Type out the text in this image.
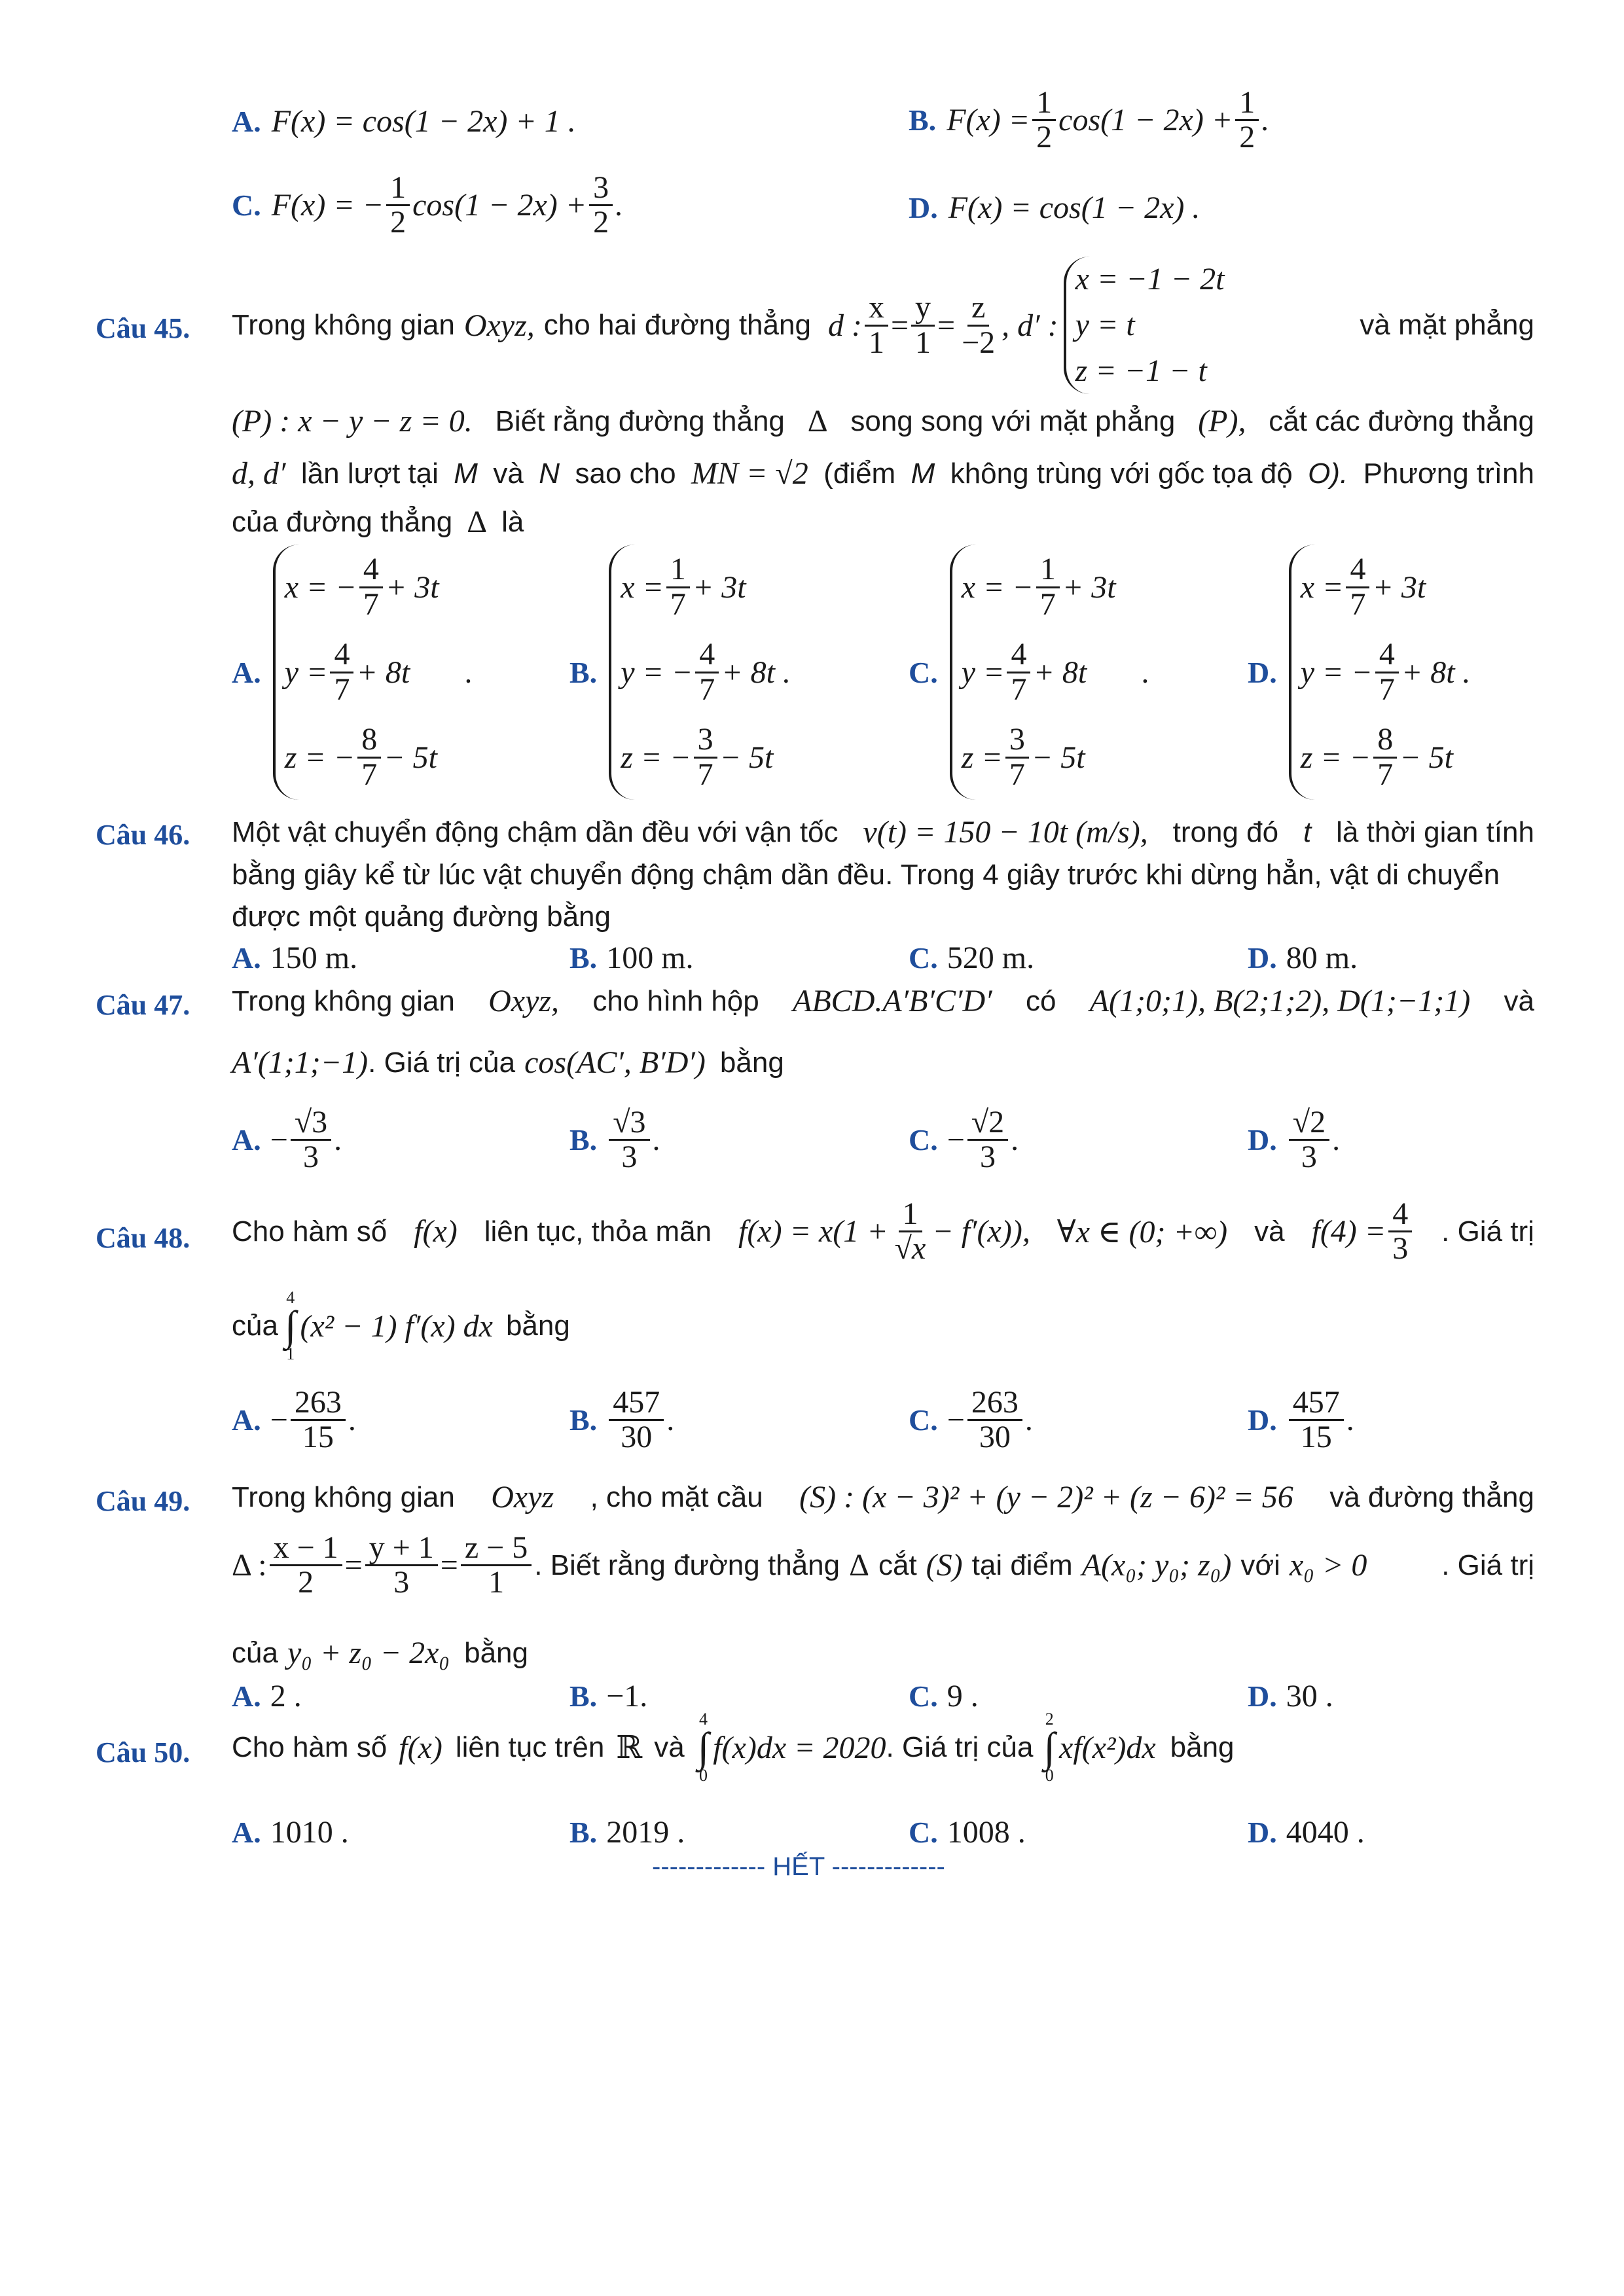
A. F(x) = cos(1 − 2x) + 1 .	B. $F(x) = \frac{1}{2} \cos(1 - 2x) + \frac{1}{2}$ .
C. F(x) = − $\frac{1}{2} \cos(1 - 2x) + \frac{3}{2}$ .	D. F(x) = cos(1 − 2x) .
Câu 45. Trong không gian Oxyz, cho hai đường thẳng d : $\frac{x}{1} = \frac{y}{1} = \frac{z}{-2}$ , d′ :
x = −1 − 2t
y = t
z = −1 − t
và mặt phẳng
(P) : x − y − z = 0. Biết rằng đường thẳng Δ song song với mặt phẳng (P), cắt các đường thẳng
d, d′ lần lượt tại M và N sao cho MN = √2 (điểm M không trùng với gốc tọa độ O). Phương trình
của đường thẳng Δ là
A.
x = − $\frac{4}{7} + 3t$
$y = \frac{4}{7} + 8t$
z = − $\frac{8}{7} - 5t$
.	B.
$x = \frac{1}{7} + 3t$
y = − $\frac{4}{7} + 8t$ .
z = − $\frac{3}{7} - 5t$
C.
x = − $\frac{1}{7} + 3t$
$y = \frac{4}{7} + 8t$
$z = \frac{3}{7} - 5t$
.	D.
$x = \frac{4}{7} + 3t$
y = − $\frac{4}{7} + 8t$ .
z = − $\frac{8}{7} - 5t$
Câu 46. Một vật chuyển động chậm dần đều với vận tốc v(t) = 150 − 10t (m/s), trong đó t là thời gian tính
bằng giây kể từ lúc vật chuyển động chậm dần đều. Trong 4 giây trước khi dừng hẳn, vật di chuyển
được một quảng đường bằng
A. 150 m.	B. 100 m.	C. 520 m.	D. 80 m.
Câu 47. Trong không gian Oxyz, cho hình hộp ABCD.A′B′C′D′ có A(1;0;1), B(2;1;2), D(1;−1;1) và
A′(1;1;−1) . Giá trị của cos(AC′, B′D′) bằng
A. − $\frac{√3}{3}$ .	B. $\frac{√3}{3}$ .	C. − $\frac{√2}{3}$ .	D. $\frac{√2}{3}$ .
Câu 48. Cho hàm số f(x) liên tục, thỏa mãn $f(x) = x(1 + \frac{1}{√x} - f'(x))$, ∀x ∈ (0; +∞) và $f(4) = \frac{4}{3}$ . Giá trị
của
4
∫
1
(x² − 1) f′(x) dx bằng
A. − $\frac{263}{15}$ .	B. $\frac{457}{30}$ .	C. − $\frac{263}{30}$ .	D. $\frac{457}{15}$ .
Câu 49. Trong không gian Oxyz , cho mặt cầu (S) : (x − 3)² + (y − 2)² + (z − 6)² = 56 và đường thẳng
Δ : $\frac{x - 1}{2} = \frac{y + 1}{3} = \frac{z - 5}{1}$ . Biết rằng đường thẳng Δ cắt (S) tại điểm A(x₀; y₀; z₀) với x₀ > 0	. Giá trị
của y₀ + z₀ − 2x₀ bằng
A. 2 .	B. −1.	C. 9 .	D. 30 .
Câu 50. Cho hàm số f(x) liên tục trên ℝ và
4
∫
0
f(x)dx = 2020 . Giá trị của
2
∫
0
xf(x²)dx bằng
A. 1010 .	B. 2019 .	C. 1008 .	D. 4040 .
------------- HẾT -------------
